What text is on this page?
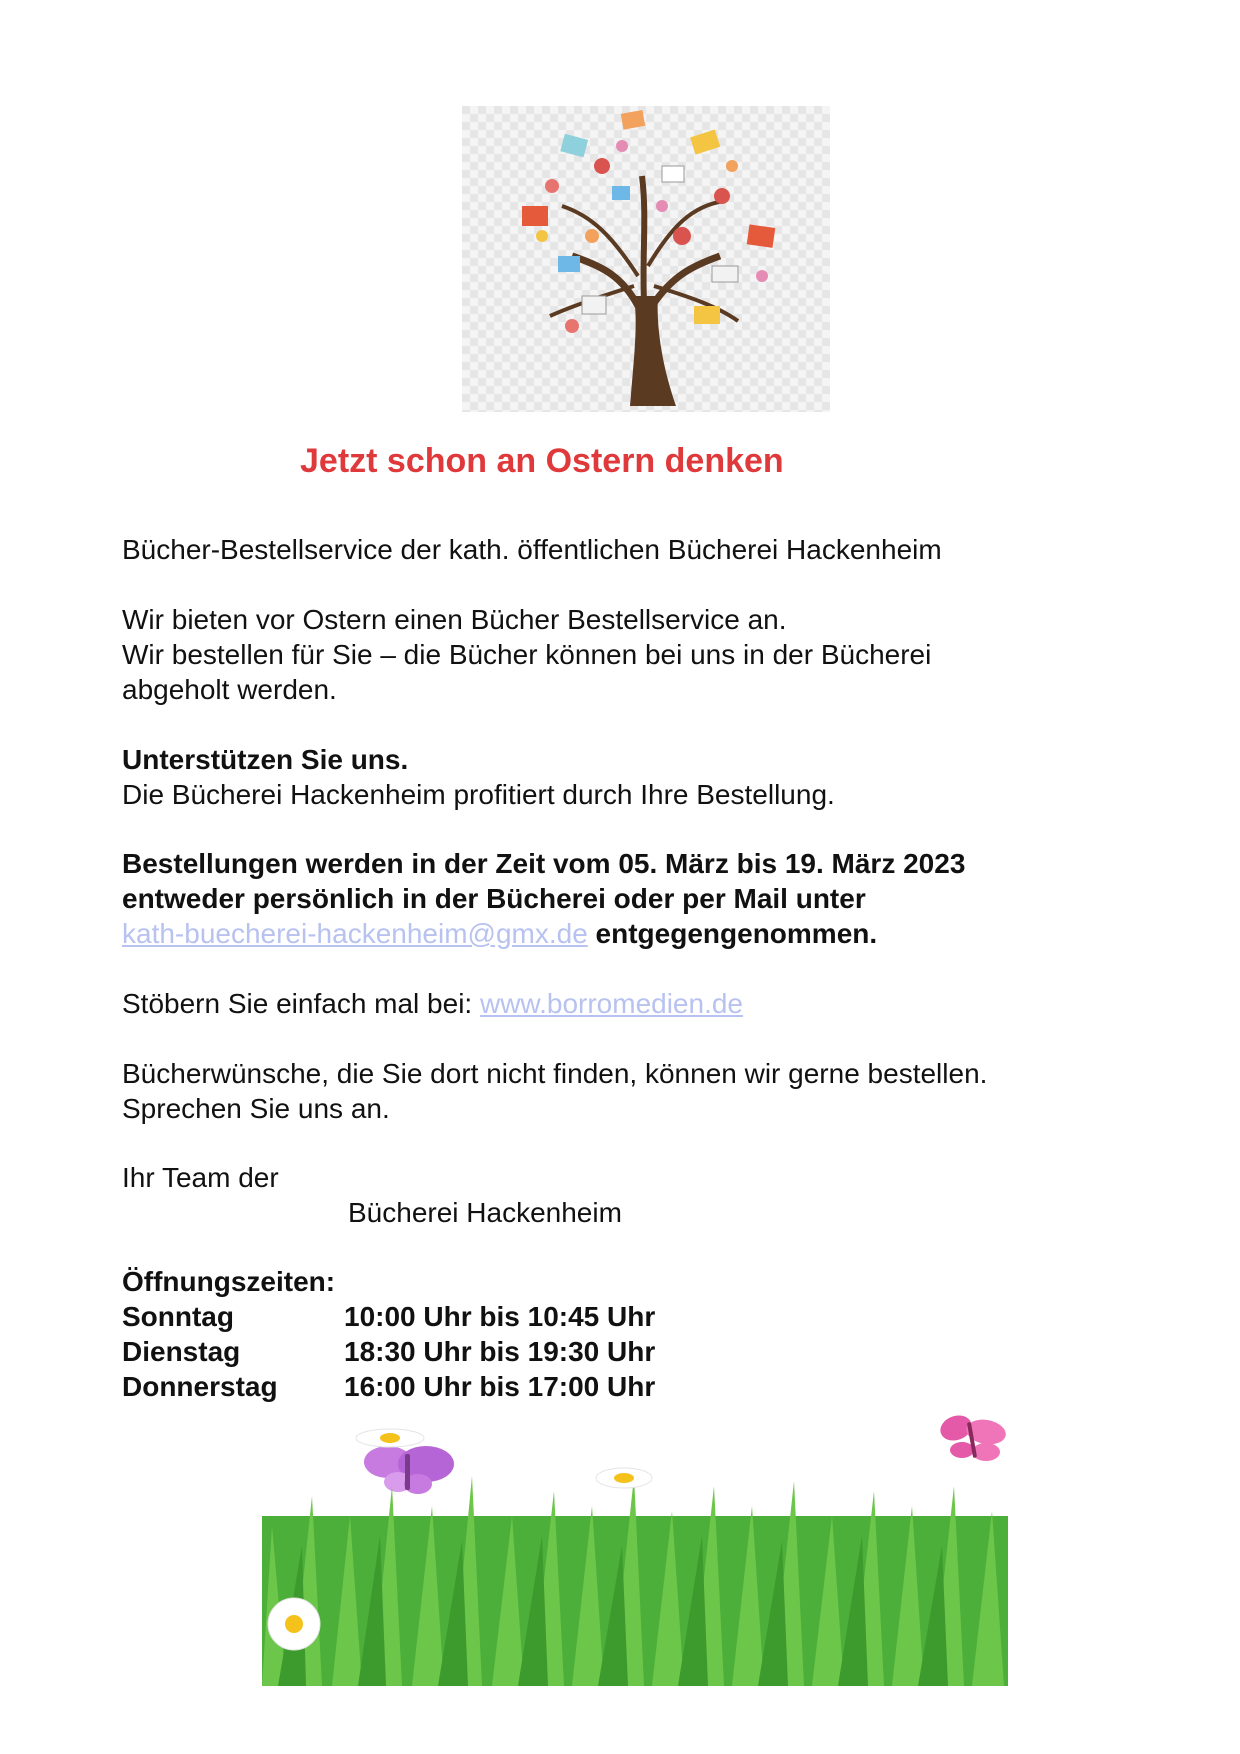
Jetzt schon an Ostern denken
Bücher-Bestellservice der kath. öffentlichen Bücherei Hackenheim
Wir bieten vor Ostern einen Bücher Bestellservice an.
Wir bestellen für Sie – die Bücher können bei uns in der Bücherei
abgeholt werden.
Unterstützen Sie uns.
Die Bücherei Hackenheim profitiert durch Ihre Bestellung.
Bestellungen werden in der Zeit vom 05. März bis 19. März 2023
entweder persönlich in der Bücherei oder per Mail unter
kath-buecherei-hackenheim@gmx.de entgegengenommen.
Stöbern Sie einfach mal bei: www.borromedien.de
Bücherwünsche, die Sie dort nicht finden, können wir gerne bestellen.
Sprechen Sie uns an.
Ihr Team der
Bücherei Hackenheim
Öffnungszeiten:
Sonntag	10:00 Uhr bis 10:45 Uhr
Dienstag	18:30 Uhr bis 19:30 Uhr
Donnerstag	16:00 Uhr bis 17:00 Uhr
